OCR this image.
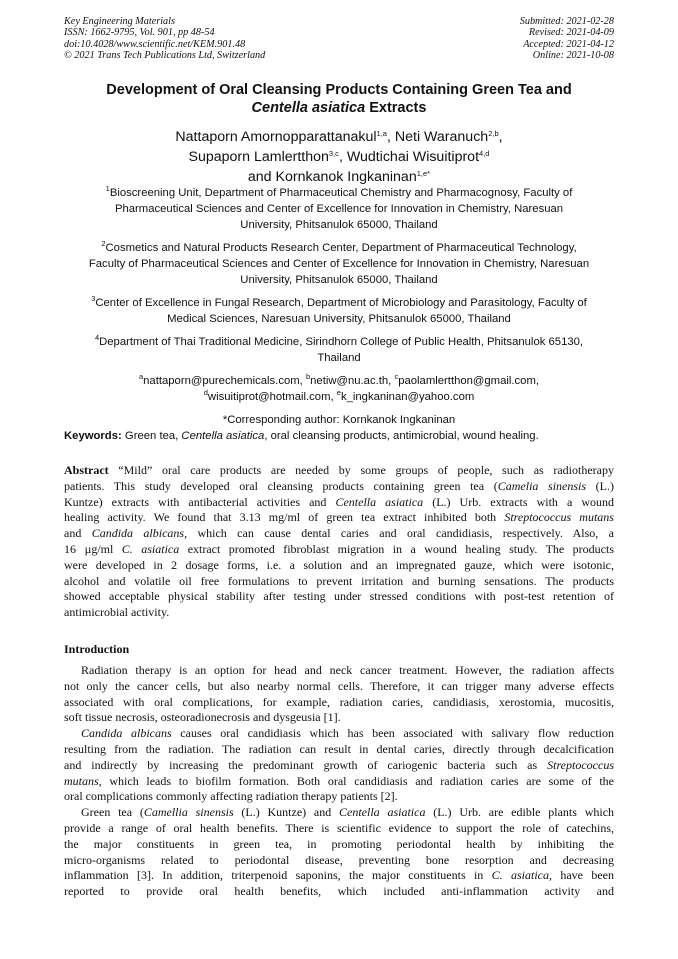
Key Engineering Materials
ISSN: 1662-9795, Vol. 901, pp 48-54
doi:10.4028/www.scientific.net/KEM.901.48
© 2021 Trans Tech Publications Ltd, Switzerland
Submitted: 2021-02-28
Revised: 2021-04-09
Accepted: 2021-04-12
Online: 2021-10-08
Development of Oral Cleansing Products Containing Green Tea and
Centella asiatica Extracts
Nattaporn Amornopparattanakul$^{1,a}$, Neti Waranuch$^{2,b}$,
Supaporn Lamlertthon$^{3,c}$, Wudtichai Wisuitiprot$^{4,d}$
and Kornkanok Ingkaninan$^{1,e*}$
$^1$Bioscreening Unit, Department of Pharmaceutical Chemistry and Pharmacognosy, Faculty of
Pharmaceutical Sciences and Center of Excellence for Innovation in Chemistry, Naresuan
University, Phitsanulok 65000, Thailand
$^2$Cosmetics and Natural Products Research Center, Department of Pharmaceutical Technology,
Faculty of Pharmaceutical Sciences and Center of Excellence for Innovation in Chemistry, Naresuan
University, Phitsanulok 65000, Thailand
$^3$Center of Excellence in Fungal Research, Department of Microbiology and Parasitology, Faculty of
Medical Sciences, Naresuan University, Phitsanulok 65000, Thailand
$^4$Department of Thai Traditional Medicine, Sirindhorn College of Public Health, Phitsanulok 65130,
Thailand
$^a$nattaporn@purechemicals.com, $^b$netiw@nu.ac.th, $^c$paolamlertthon@gmail.com,
$^d$wisuitiprot@hotmail.com, $^e$k_ingkaninan@yahoo.com
*Corresponding author: Kornkanok Ingkaninan
Keywords: Green tea, Centella asiatica, oral cleansing products, antimicrobial, wound healing.
Abstract “Mild” oral care products are needed by some groups of people, such as radiotherapy
patients. This study developed oral cleansing products containing green tea (Camelia sinensis (L.)
Kuntze) extracts with antibacterial activities and Centella asiatica (L.) Urb. extracts with a wound
healing activity. We found that 3.13 mg/ml of green tea extract inhibited both Streptococcus mutans
and Candida albicans, which can cause dental caries and oral candidiasis, respectively. Also, a
16 µg/ml C. asiatica extract promoted fibroblast migration in a wound healing study. The products
were developed in 2 dosage forms, i.e. a solution and an impregnated gauze, which were isotonic,
alcohol and volatile oil free formulations to prevent irritation and burning sensations. The products
showed acceptable physical stability after testing under stressed conditions with post-test retention of
antimicrobial activity.
Introduction
Radiation therapy is an option for head and neck cancer treatment. However, the radiation affects
not only the cancer cells, but also nearby normal cells. Therefore, it can trigger many adverse effects
associated with oral complications, for example, radiation caries, candidiasis, xerostomia, mucositis,
soft tissue necrosis, osteoradionecrosis and dysgeusia [1].
Candida albicans causes oral candidiasis which has been associated with salivary flow reduction
resulting from the radiation. The radiation can result in dental caries, directly through decalcification
and indirectly by increasing the predominant growth of cariogenic bacteria such as Streptococcus
mutans, which leads to biofilm formation. Both oral candidiasis and radiation caries are some of the
oral complications commonly affecting radiation therapy patients [2].
Green tea (Camellia sinensis (L.) Kuntze) and Centella asiatica (L.) Urb. are edible plants which
provide a range of oral health benefits. There is scientific evidence to support the role of catechins,
the major constituents in green tea, in promoting periodontal health by inhibiting the
micro-organisms related to periodontal disease, preventing bone resorption and decreasing
inflammation [3]. In addition, triterpenoid saponins, the major constituents in C. asiatica, have been
reported to provide oral health benefits, which included anti-inflammation activity and
